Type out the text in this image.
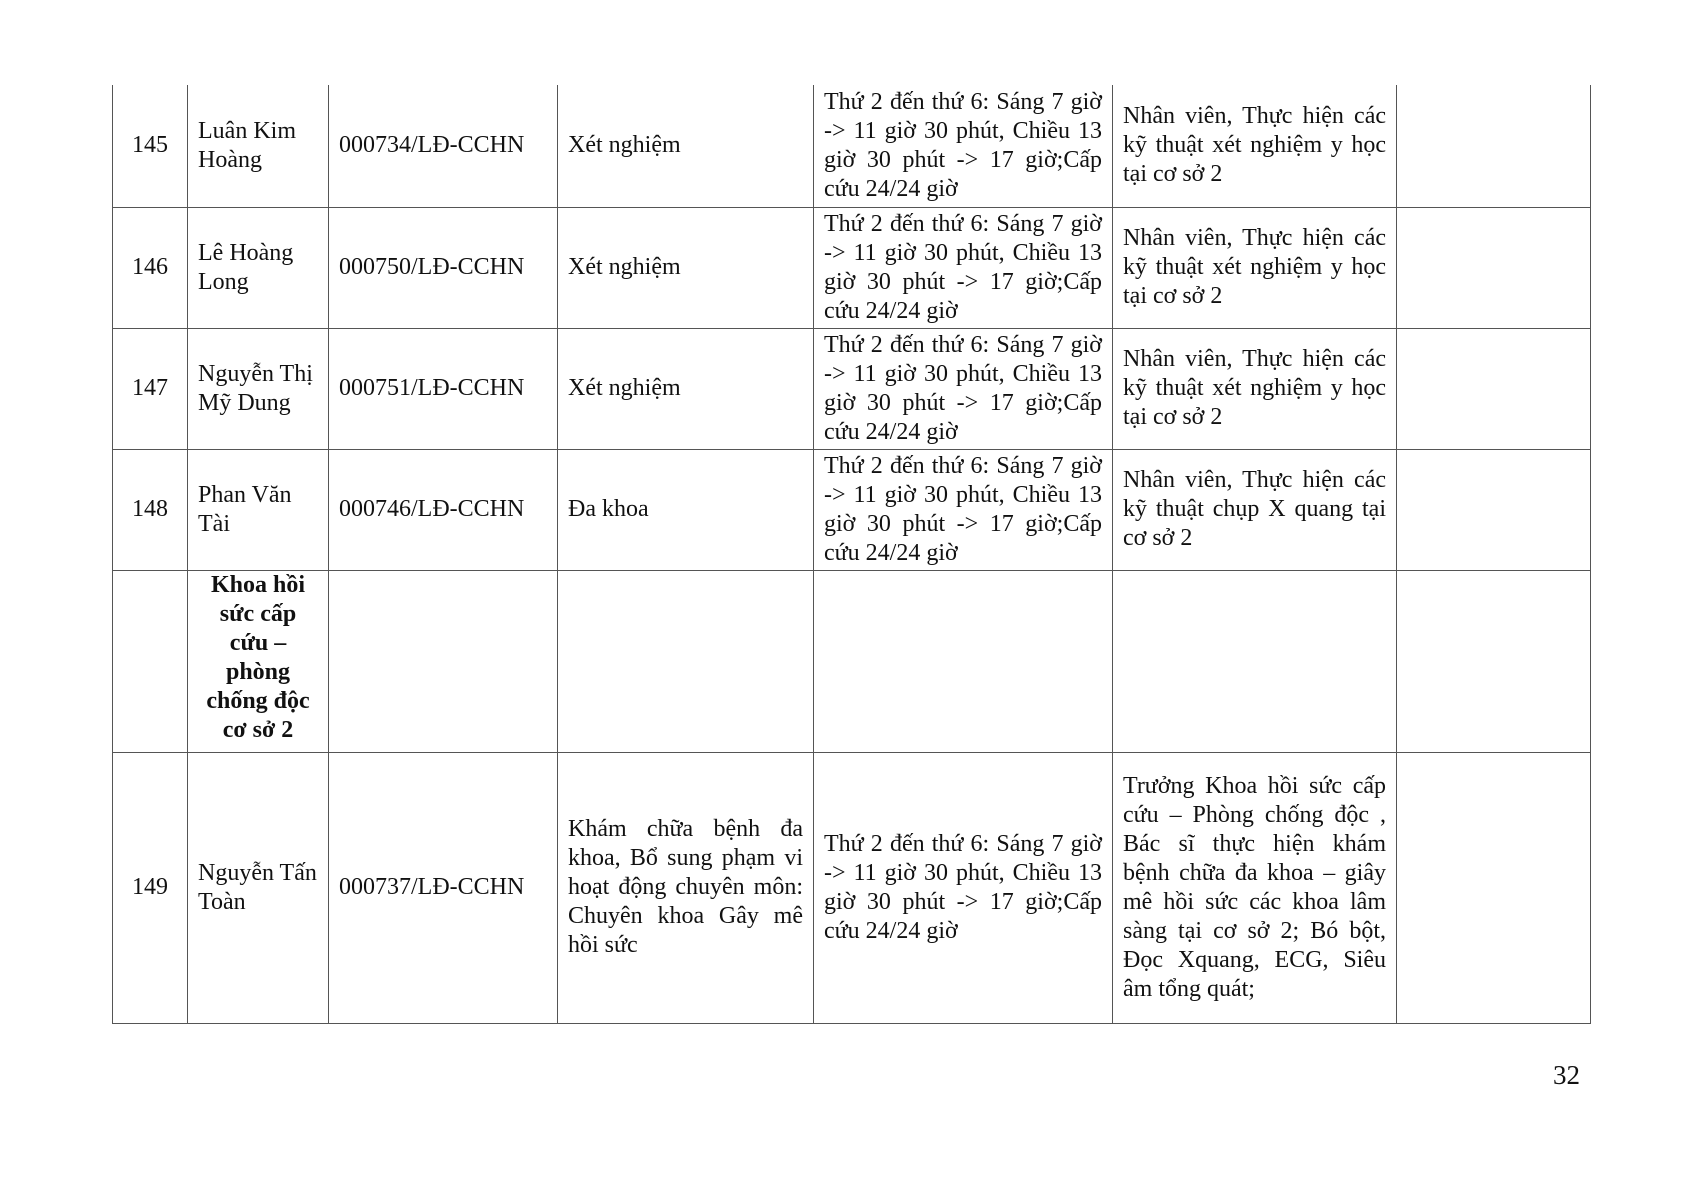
145	Luân Kim Hoàng	000734/LĐ-CCHN	Xét nghiệm	Thứ 2 đến thứ 6: Sáng 7 giờ -> 11 giờ 30 phút, Chiều 13 giờ 30 phút -> 17 giờ;Cấp cứu 24/24 giờ	Nhân viên, Thực hiện các kỹ thuật xét nghiệm y học tại cơ sở 2	
146	Lê Hoàng Long	000750/LĐ-CCHN	Xét nghiệm	Thứ 2 đến thứ 6: Sáng 7 giờ -> 11 giờ 30 phút, Chiều 13 giờ 30 phút -> 17 giờ;Cấp cứu 24/24 giờ	Nhân viên, Thực hiện các kỹ thuật xét nghiệm y học tại cơ sở 2	
147	Nguyễn Thị Mỹ Dung	000751/LĐ-CCHN	Xét nghiệm	Thứ 2 đến thứ 6: Sáng 7 giờ -> 11 giờ 30 phút, Chiều 13 giờ 30 phút -> 17 giờ;Cấp cứu 24/24 giờ	Nhân viên, Thực hiện các kỹ thuật xét nghiệm y học tại cơ sở 2	
148	Phan Văn Tài	000746/LĐ-CCHN	Đa khoa	Thứ 2 đến thứ 6: Sáng 7 giờ -> 11 giờ 30 phút, Chiều 13 giờ 30 phút -> 17 giờ;Cấp cứu 24/24 giờ	Nhân viên, Thực hiện các kỹ thuật chụp X quang tại cơ sở 2	
	Khoa hồi sức cấp cứu – phòng chống độc cơ sở 2					
149	Nguyễn Tấn Toàn	000737/LĐ-CCHN	Khám chữa bệnh đa khoa, Bổ sung phạm vi hoạt động chuyên môn: Chuyên khoa Gây mê hồi sức	Thứ 2 đến thứ 6: Sáng 7 giờ -> 11 giờ 30 phút, Chiều 13 giờ 30 phút -> 17 giờ;Cấp cứu 24/24 giờ	Trưởng Khoa hồi sức cấp cứu – Phòng chống độc , Bác sĩ thực hiện khám bệnh chữa đa khoa – giây mê hồi sức các khoa lâm sàng tại cơ sở 2; Bó bột, Đọc Xquang, ECG, Siêu âm tổng quát;	
32
